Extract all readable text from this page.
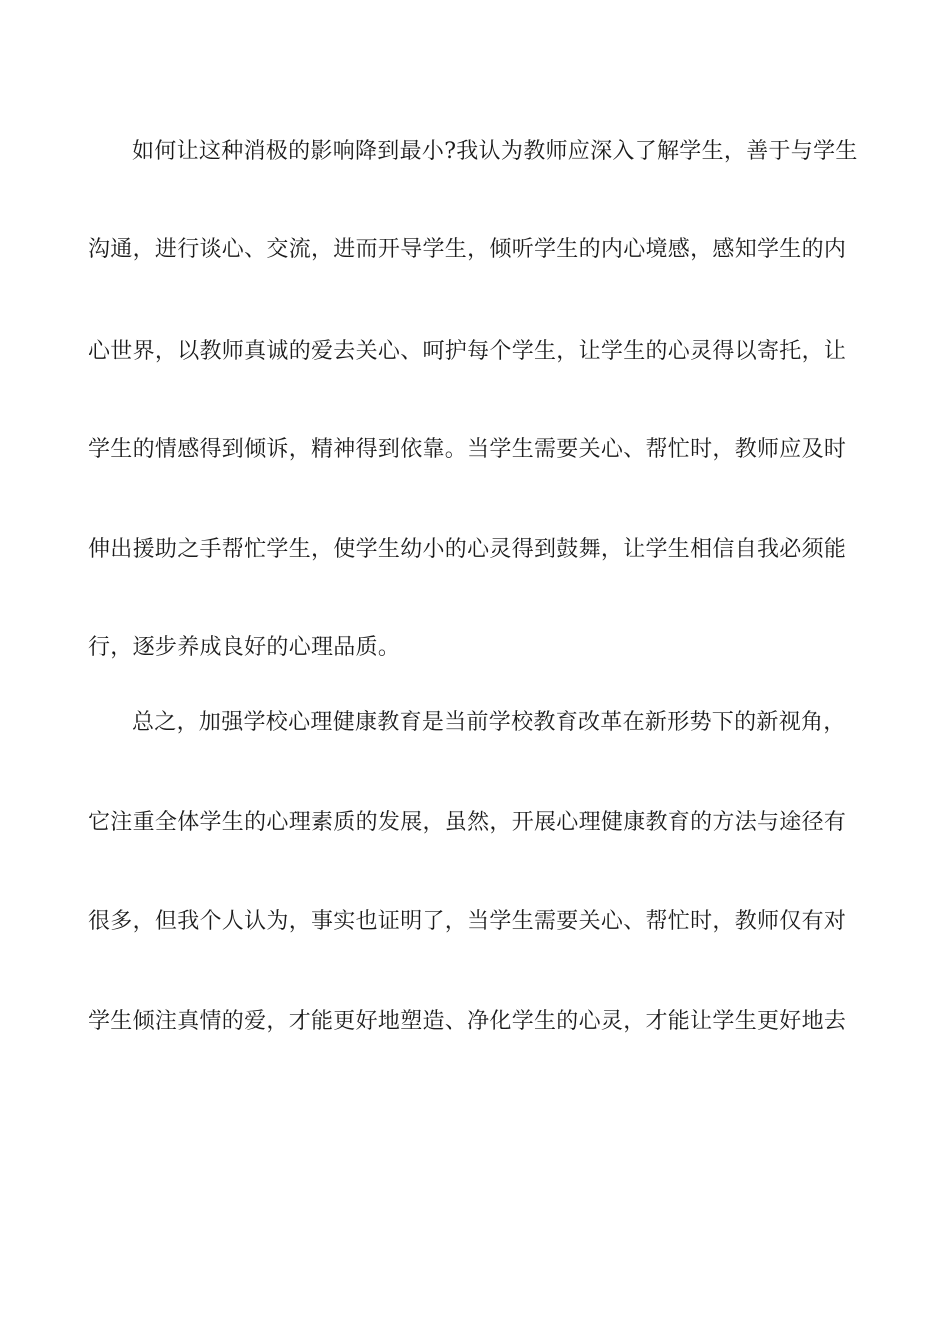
如何让这种消极的影响降到最小?我认为教师应深入了解学生，善于与学生
沟通，进行谈心、交流，进而开导学生，倾听学生的内心境感，感知学生的内
心世界，以教师真诚的爱去关心、呵护每个学生，让学生的心灵得以寄托，让
学生的情感得到倾诉，精神得到依靠。当学生需要关心、帮忙时，教师应及时
伸出援助之手帮忙学生，使学生幼小的心灵得到鼓舞，让学生相信自我必须能
行，逐步养成良好的心理品质。
总之，加强学校心理健康教育是当前学校教育改革在新形势下的新视角，
它注重全体学生的心理素质的发展，虽然，开展心理健康教育的方法与途径有
很多，但我个人认为，事实也证明了，当学生需要关心、帮忙时，教师仅有对
学生倾注真情的爱，才能更好地塑造、净化学生的心灵，才能让学生更好地去
